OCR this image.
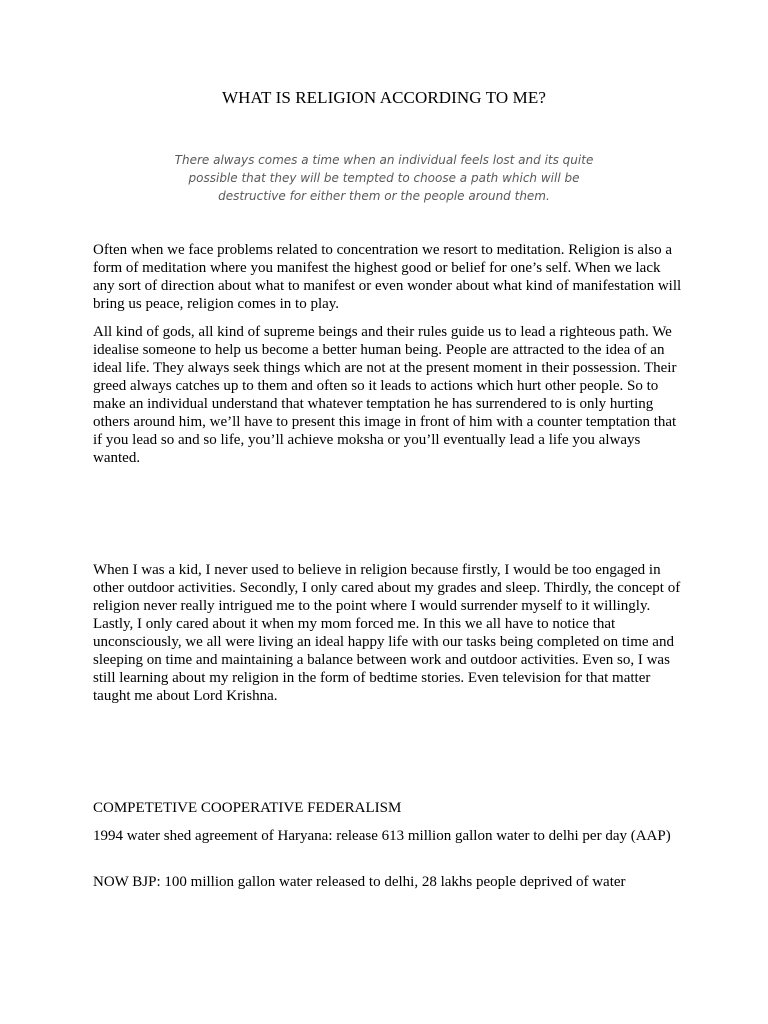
WHAT IS RELIGION ACCORDING TO ME?
There always comes a time when an individual feels lost and its quite possible that they will be tempted to choose a path which will be destructive for either them or the people around them.

Often when we face problems related to concentration we resort to meditation. Religion is also a form of meditation where you manifest the highest good or belief for one’s self. When we lack any sort of direction about what to manifest or even wonder about what kind of manifestation will bring us peace, religion comes in to play.

All kind of gods, all kind of supreme beings and their rules guide us to lead a righteous path. We idealise someone to help us become a better human being. People are attracted to the idea of an ideal life. They always seek things which are not at the present moment in their possession. Their greed always catches up to them and often so it leads to actions which hurt other people. So to make an individual understand that whatever temptation he has surrendered to is only hurting others around him, we’ll have to present this image in front of him with a counter temptation that if you lead so and so life, you’ll achieve moksha or you’ll eventually lead a life you always wanted.

When I was a kid, I never used to believe in religion because firstly, I would be too engaged in other outdoor activities. Secondly, I only cared about my grades and sleep. Thirdly, the concept of religion never really intrigued me to the point where I would surrender myself to it willingly. Lastly, I only cared about it when my mom forced me. In this we all have to notice that unconsciously, we all were living an ideal happy life with our tasks being completed on time and sleeping on time and maintaining a balance between work and outdoor activities. Even so, I was still learning about my religion in the form of bedtime stories. Even television for that matter taught me about Lord Krishna.

COMPETETIVE COOPERATIVE FEDERALISM

1994 water shed agreement of Haryana: release 613 million gallon water to delhi per day (AAP)

NOW BJP: 100 million gallon water released to delhi, 28 lakhs people deprived of water
